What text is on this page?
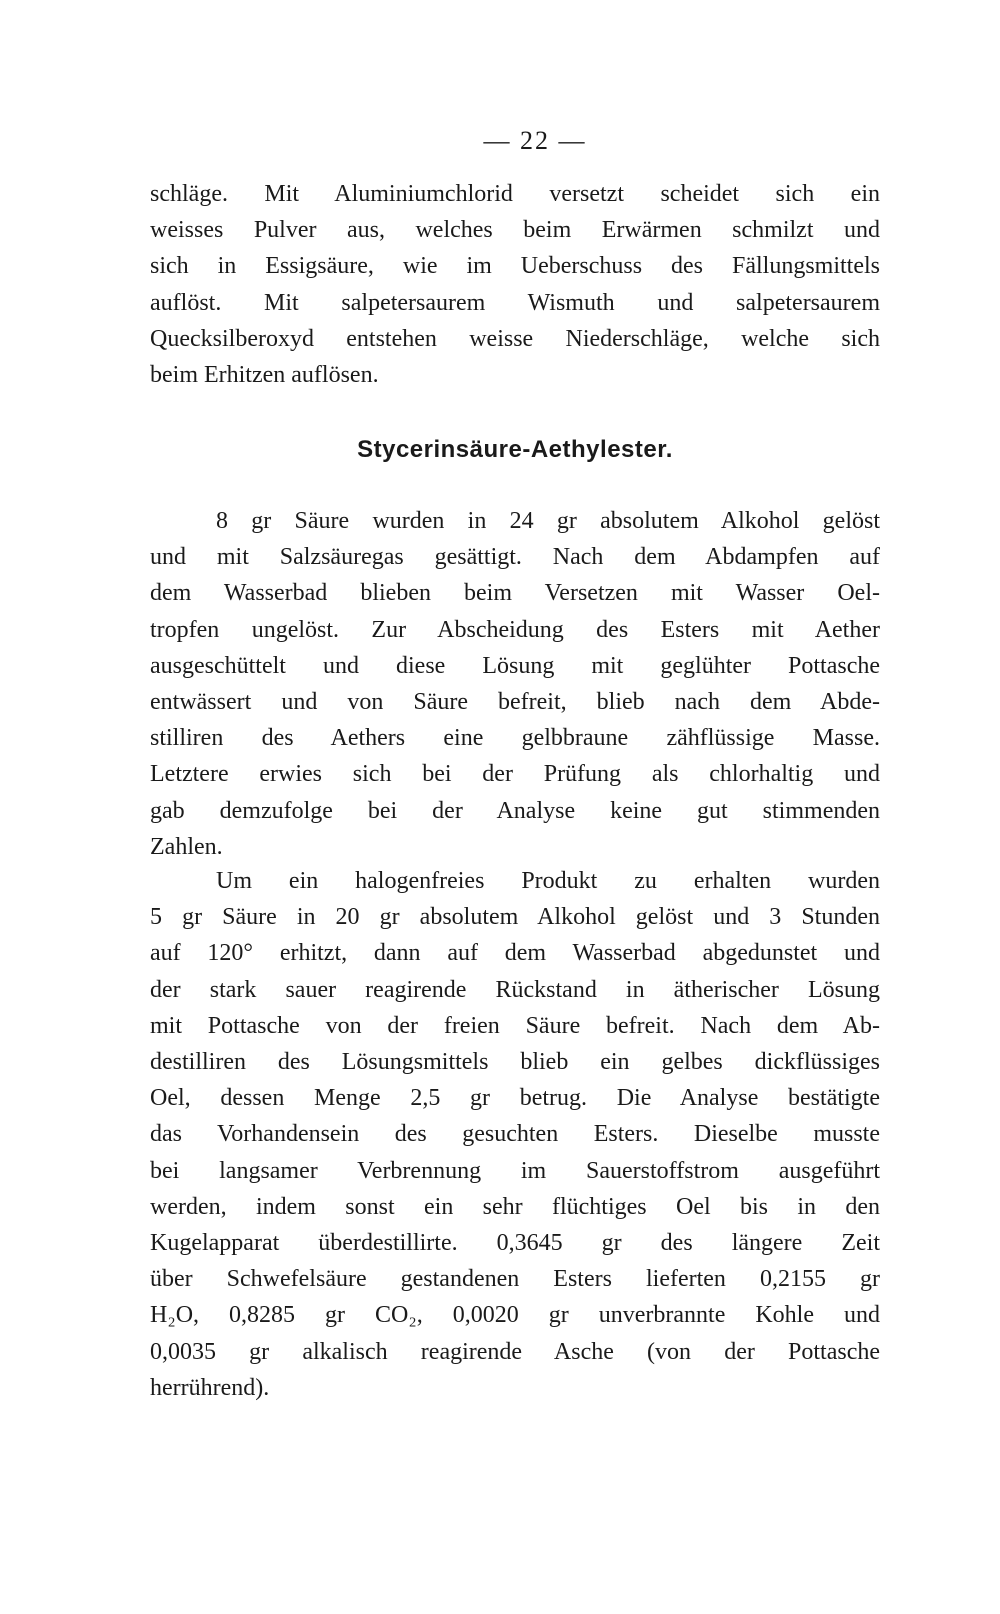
— 22 —
schläge. Mit Aluminiumchlorid versetzt scheidet sich ein
weisses Pulver aus, welches beim Erwärmen schmilzt und
sich in Essigsäure, wie im Ueberschuss des Fällungsmittels
auflöst. Mit salpetersaurem Wismuth und salpetersaurem
Quecksilberoxyd entstehen weisse Niederschläge, welche sich
beim Erhitzen auflösen.
Stycerinsäure-Aethylester.
8 gr Säure wurden in 24 gr absolutem Alkohol gelöst
und mit Salzsäuregas gesättigt. Nach dem Abdampfen auf
dem Wasserbad blieben beim Versetzen mit Wasser Oel-
tropfen ungelöst. Zur Abscheidung des Esters mit Aether
ausgeschüttelt und diese Lösung mit geglühter Pottasche
entwässert und von Säure befreit, blieb nach dem Abde-
stilliren des Aethers eine gelbbraune zähflüssige Masse.
Letztere erwies sich bei der Prüfung als chlorhaltig und
gab demzufolge bei der Analyse keine gut stimmenden
Zahlen.
Um ein halogenfreies Produkt zu erhalten wurden
5 gr Säure in 20 gr absolutem Alkohol gelöst und 3 Stunden
auf 120° erhitzt, dann auf dem Wasserbad abgedunstet und
der stark sauer reagirende Rückstand in ätherischer Lösung
mit Pottasche von der freien Säure befreit. Nach dem Ab-
destilliren des Lösungsmittels blieb ein gelbes dickflüssiges
Oel, dessen Menge 2,5 gr betrug. Die Analyse bestätigte
das Vorhandensein des gesuchten Esters. Dieselbe musste
bei langsamer Verbrennung im Sauerstoffstrom ausgeführt
werden, indem sonst ein sehr flüchtiges Oel bis in den
Kugelapparat überdestillirte. 0,3645 gr des längere Zeit
über Schwefelsäure gestandenen Esters lieferten 0,2155 gr
H₂O, 0,8285 gr CO₂, 0,0020 gr unverbrannte Kohle und
0,0035 gr alkalisch reagirende Asche (von der Pottasche
herrührend).
